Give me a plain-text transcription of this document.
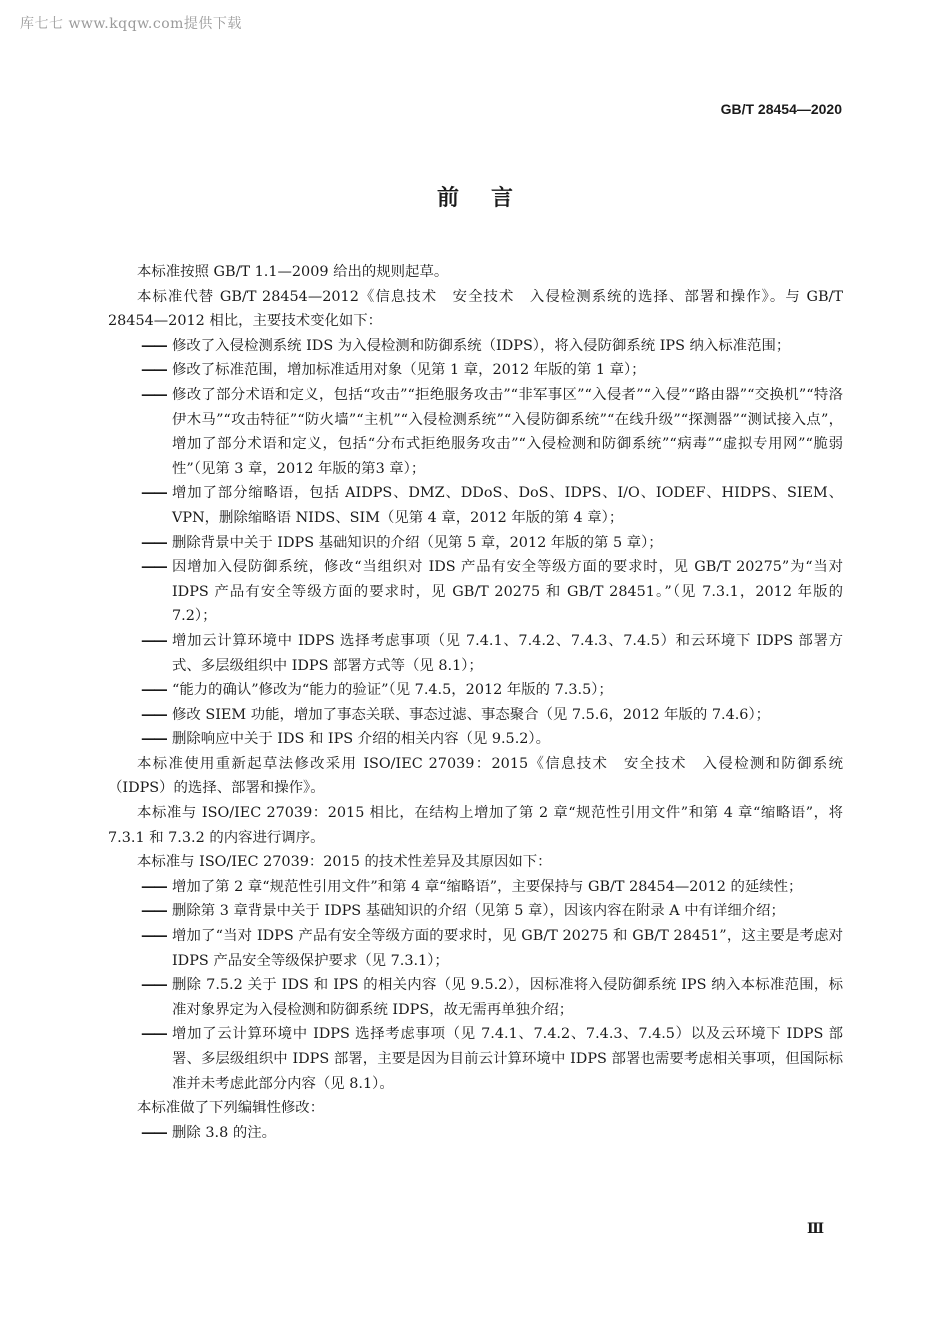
库七七 www.kqqw.com提供下载
GB/T 28454—2020
前言

本标准按照 GB/T 1.1—2009 给出的规则起草。

本标准代替 GB/T 28454—2012《信息技术　安全技术　入侵检测系统的选择、部署和操作》。与 GB/T 28454—2012 相比，主要技术变化如下：

—— 修改了入侵检测系统 IDS 为入侵检测和防御系统（IDPS），将入侵防御系统 IPS 纳入标准范围；

—— 修改了标准范围，增加标准适用对象（见第 1 章，2012 年版的第 1 章）；

—— 修改了部分术语和定义，包括“攻击”“拒绝服务攻击”“非军事区”“入侵者”“入侵”“路由器”“交换机”“特洛伊木马”“攻击特征”“防火墙”“主机”“入侵检测系统”“入侵防御系统”“在线升级”“探测器”“测试接入点”，增加了部分术语和定义，包括“分布式拒绝服务攻击”“入侵检测和防御系统”“病毒”“虚拟专用网”“脆弱性”（见第 3 章，2012 年版的第3 章）；

—— 增加了部分缩略语，包括 AIDPS、DMZ、DDoS、DoS、IDPS、I/O、IODEF、HIDPS、SIEM、VPN，删除缩略语 NIDS、SIM（见第 4 章，2012 年版的第 4 章）；

—— 删除背景中关于 IDPS 基础知识的介绍（见第 5 章，2012 年版的第 5 章）；

—— 因增加入侵防御系统，修改“当组织对 IDS 产品有安全等级方面的要求时，见 GB/T 20275”为“当对 IDPS 产品有安全等级方面的要求时，见 GB/T 20275 和 GB/T 28451。”（见 7.3.1，2012 年版的 7.2）；

—— 增加云计算环境中 IDPS 选择考虑事项（见 7.4.1、7.4.2、7.4.3、7.4.5）和云环境下 IDPS 部署方式、多层级组织中 IDPS 部署方式等（见 8.1）；

—— “能力的确认”修改为“能力的验证”（见 7.4.5，2012 年版的 7.3.5）；

—— 修改 SIEM 功能，增加了事态关联、事态过滤、事态聚合（见 7.5.6，2012 年版的 7.4.6）；

—— 删除响应中关于 IDS 和 IPS 介绍的相关内容（见 9.5.2）。

本标准使用重新起草法修改采用 ISO/IEC 27039：2015《信息技术　安全技术　入侵检测和防御系统（IDPS）的选择、部署和操作》。

本标准与 ISO/IEC 27039：2015 相比，在结构上增加了第 2 章“规范性引用文件”和第 4 章“缩略语”，将 7.3.1 和 7.3.2 的内容进行调序。

本标准与 ISO/IEC 27039：2015 的技术性差异及其原因如下：

—— 增加了第 2 章“规范性引用文件”和第 4 章“缩略语”，主要保持与 GB/T 28454—2012 的延续性；

—— 删除第 3 章背景中关于 IDPS 基础知识的介绍（见第 5 章），因该内容在附录 A 中有详细介绍；

—— 增加了“当对 IDPS 产品有安全等级方面的要求时，见 GB/T 20275 和 GB/T 28451”，这主要是考虑对 IDPS 产品安全等级保护要求（见 7.3.1）；

—— 删除 7.5.2 关于 IDS 和 IPS 的相关内容（见 9.5.2），因标准将入侵防御系统 IPS 纳入本标准范围，标准对象界定为入侵检测和防御系统 IDPS，故无需再单独介绍；

—— 增加了云计算环境中 IDPS 选择考虑事项（见 7.4.1、7.4.2、7.4.3、7.4.5）以及云环境下 IDPS 部署、多层级组织中 IDPS 部署，主要是因为目前云计算环境中 IDPS 部署也需要考虑相关事项，但国际标准并未考虑此部分内容（见 8.1）。

本标准做了下列编辑性修改：

—— 删除 3.8 的注。

Ⅲ
